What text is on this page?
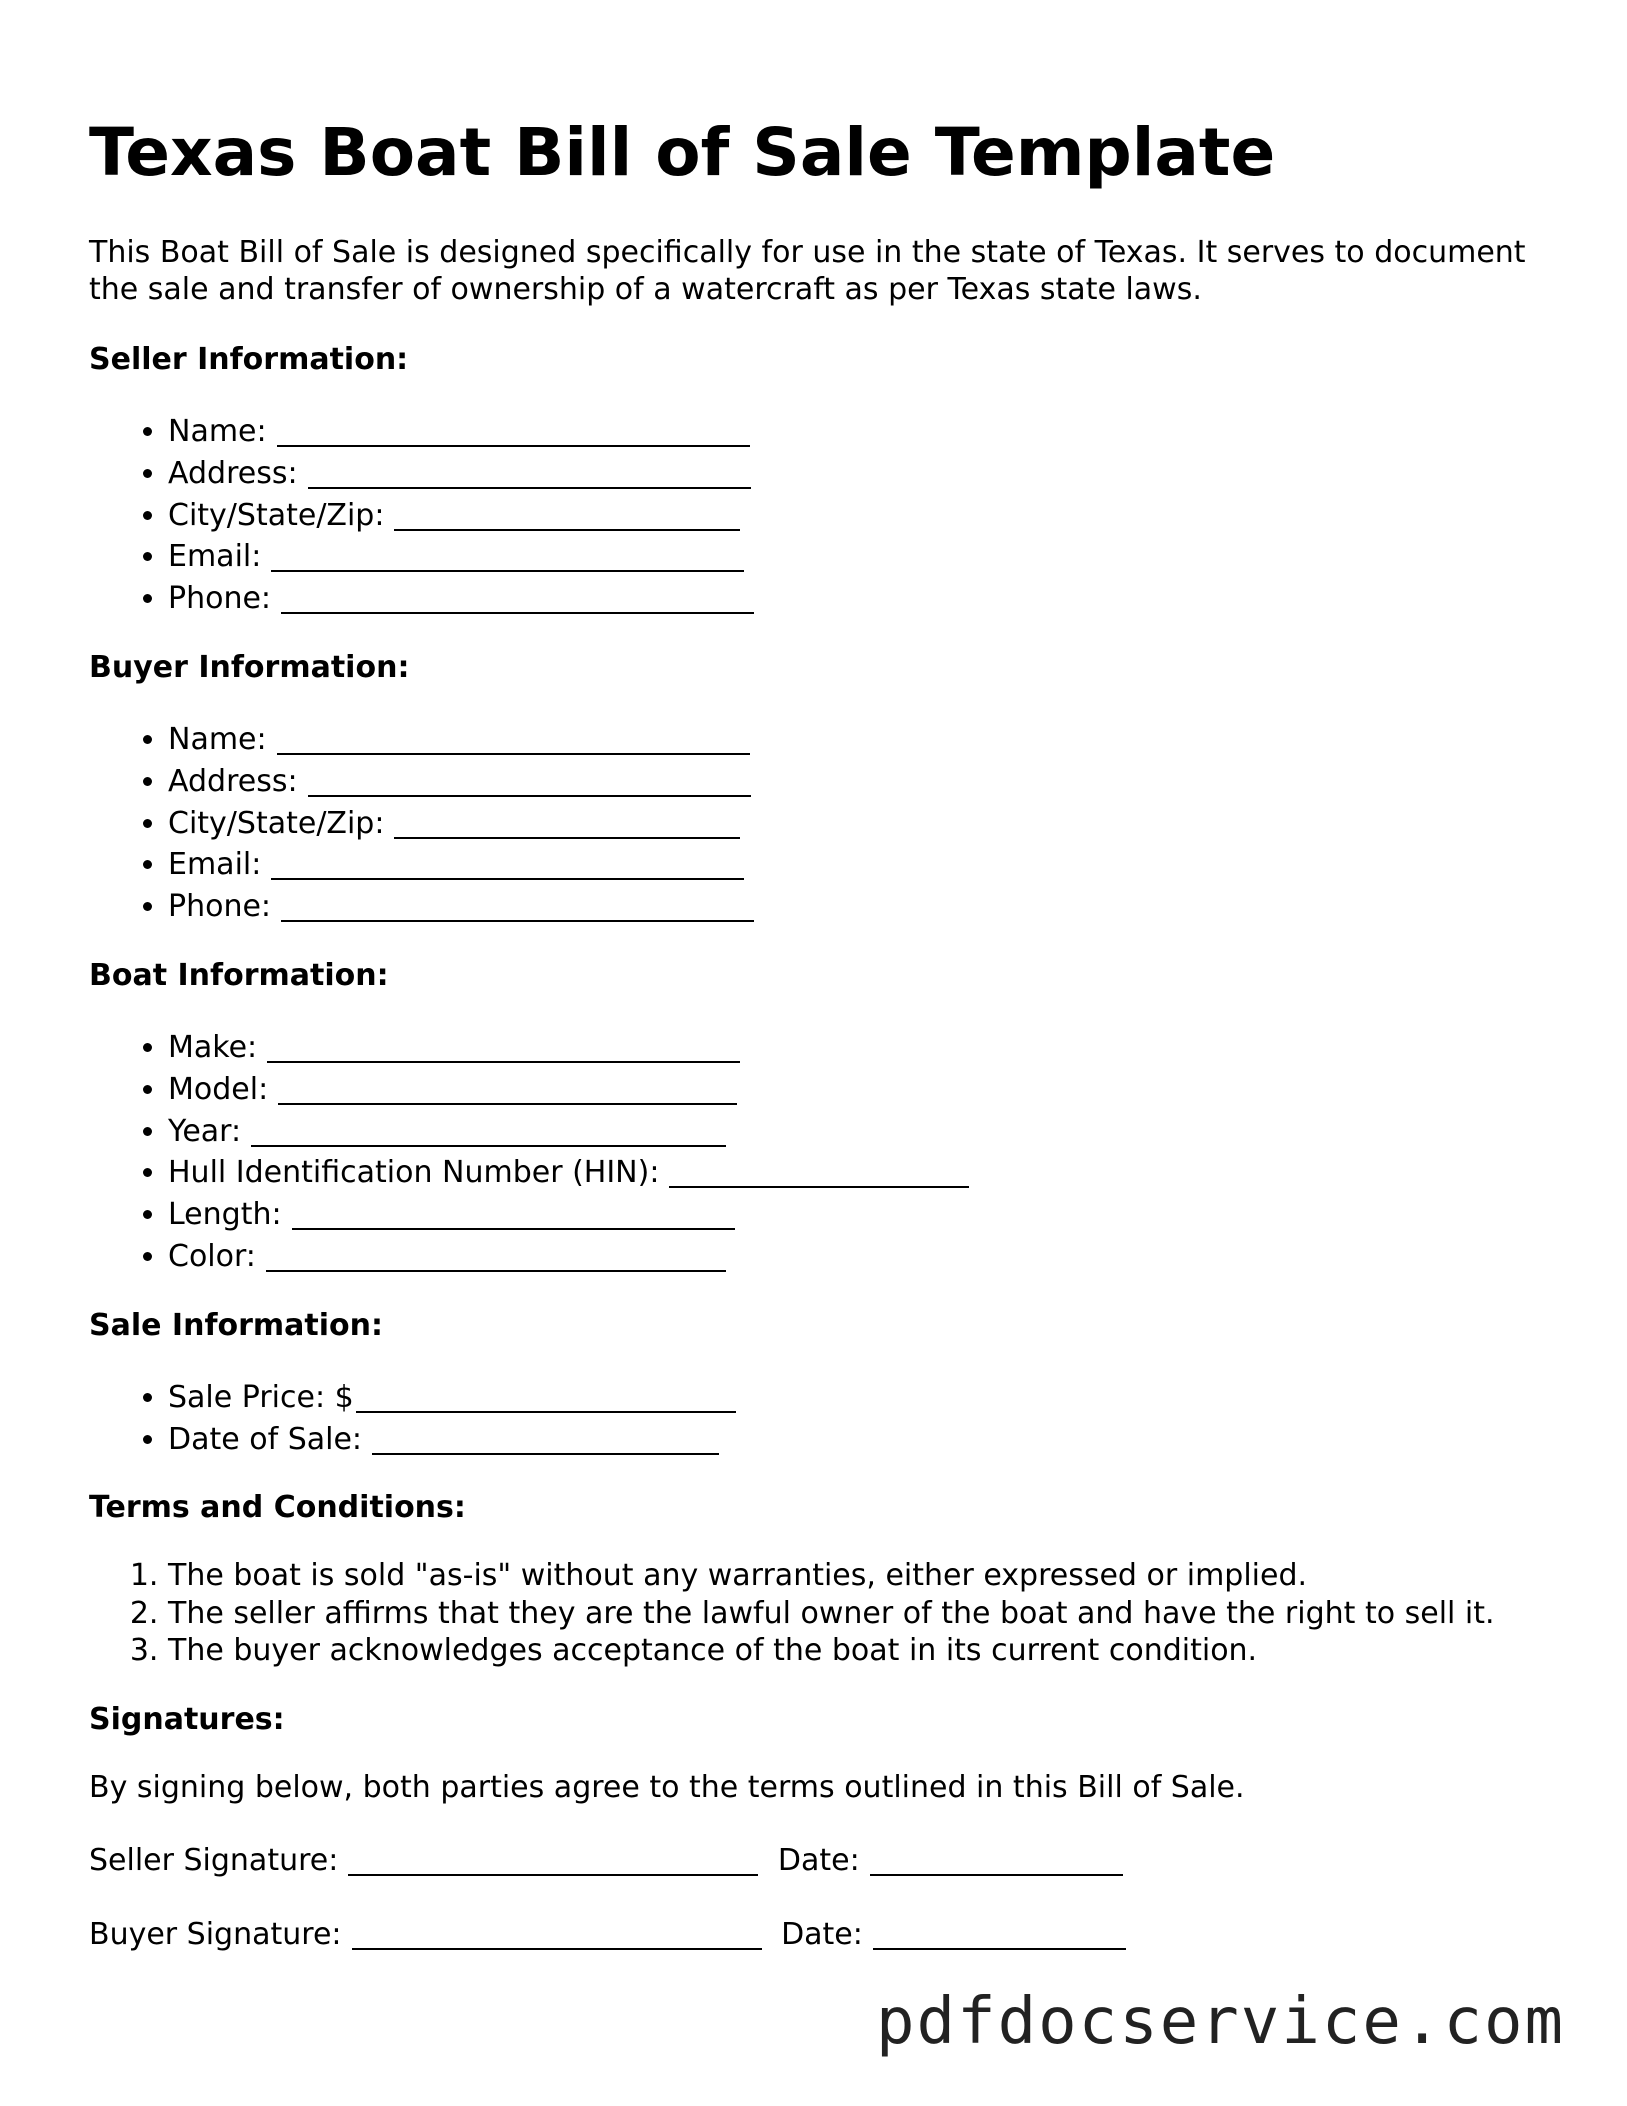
Texas Boat Bill of Sale Template

This Boat Bill of Sale is designed specifically for use in the state of Texas. It serves to document the sale and transfer of ownership of a watercraft as per Texas state laws.

Seller Information:
• Name:
• Address:
• City/State/Zip:
• Email:
• Phone:
Buyer Information:
• Name:
• Address:
• City/State/Zip:
• Email:
• Phone:
Boat Information:
• Make:
• Model:
• Year:
• Hull Identification Number (HIN):
• Length:
• Color:
Sale Information:
• Sale Price: $
• Date of Sale:
Terms and Conditions:
1. The boat is sold "as-is" without any warranties, either expressed or implied.
2. The seller affirms that they are the lawful owner of the boat and have the right to sell it.
3. The buyer acknowledges acceptance of the boat in its current condition.
Signatures:

By signing below, both parties agree to the terms outlined in this Bill of Sale.

Seller Signature:	Date:
Buyer Signature:	Date:
pdfdocservice.com
